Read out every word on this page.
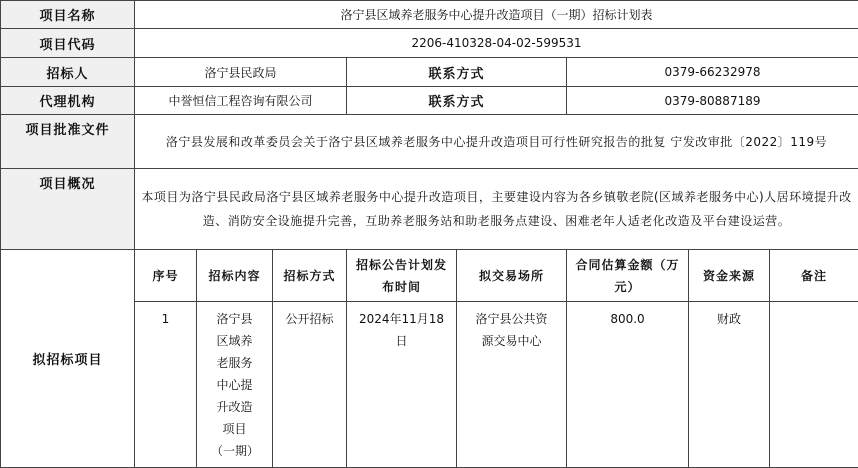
项目名称	洛宁县区域养老服务中心提升改造项目（一期）招标计划表							
项目代码	2206-410328-04-02-599531							
招标人	洛宁县民政局			联系方式		0379-66232978		
代理机构	中誉恒信工程咨询有限公司			联系方式		0379-80887189		
项目批准文件	洛宁县发展和改革委员会关于洛宁县区域养老服务中心提升改造项目可行性研究报告的批复 宁发改审批〔2022〕119号							
项目概况	本项目为洛宁县民政局洛宁县区域养老服务中心提升改造项目，主要建设内容为各乡镇敬老院(区域养老服务中心)人居环境提升改造、消防安全设施提升完善，互助养老服务站和助老服务点建设、困难老年人适老化改造及平台建设运营。							
拟招标项目	序号	招标内容	招标方式	招标公告计划发布时间	拟交易场所	合同估算金额（万元）	资金来源	备注
	1	洛宁县区域养老服务中心提升改造项目（一期）	公开招标	2024年11月18日	洛宁县公共资源交易中心	800.0	财政	
